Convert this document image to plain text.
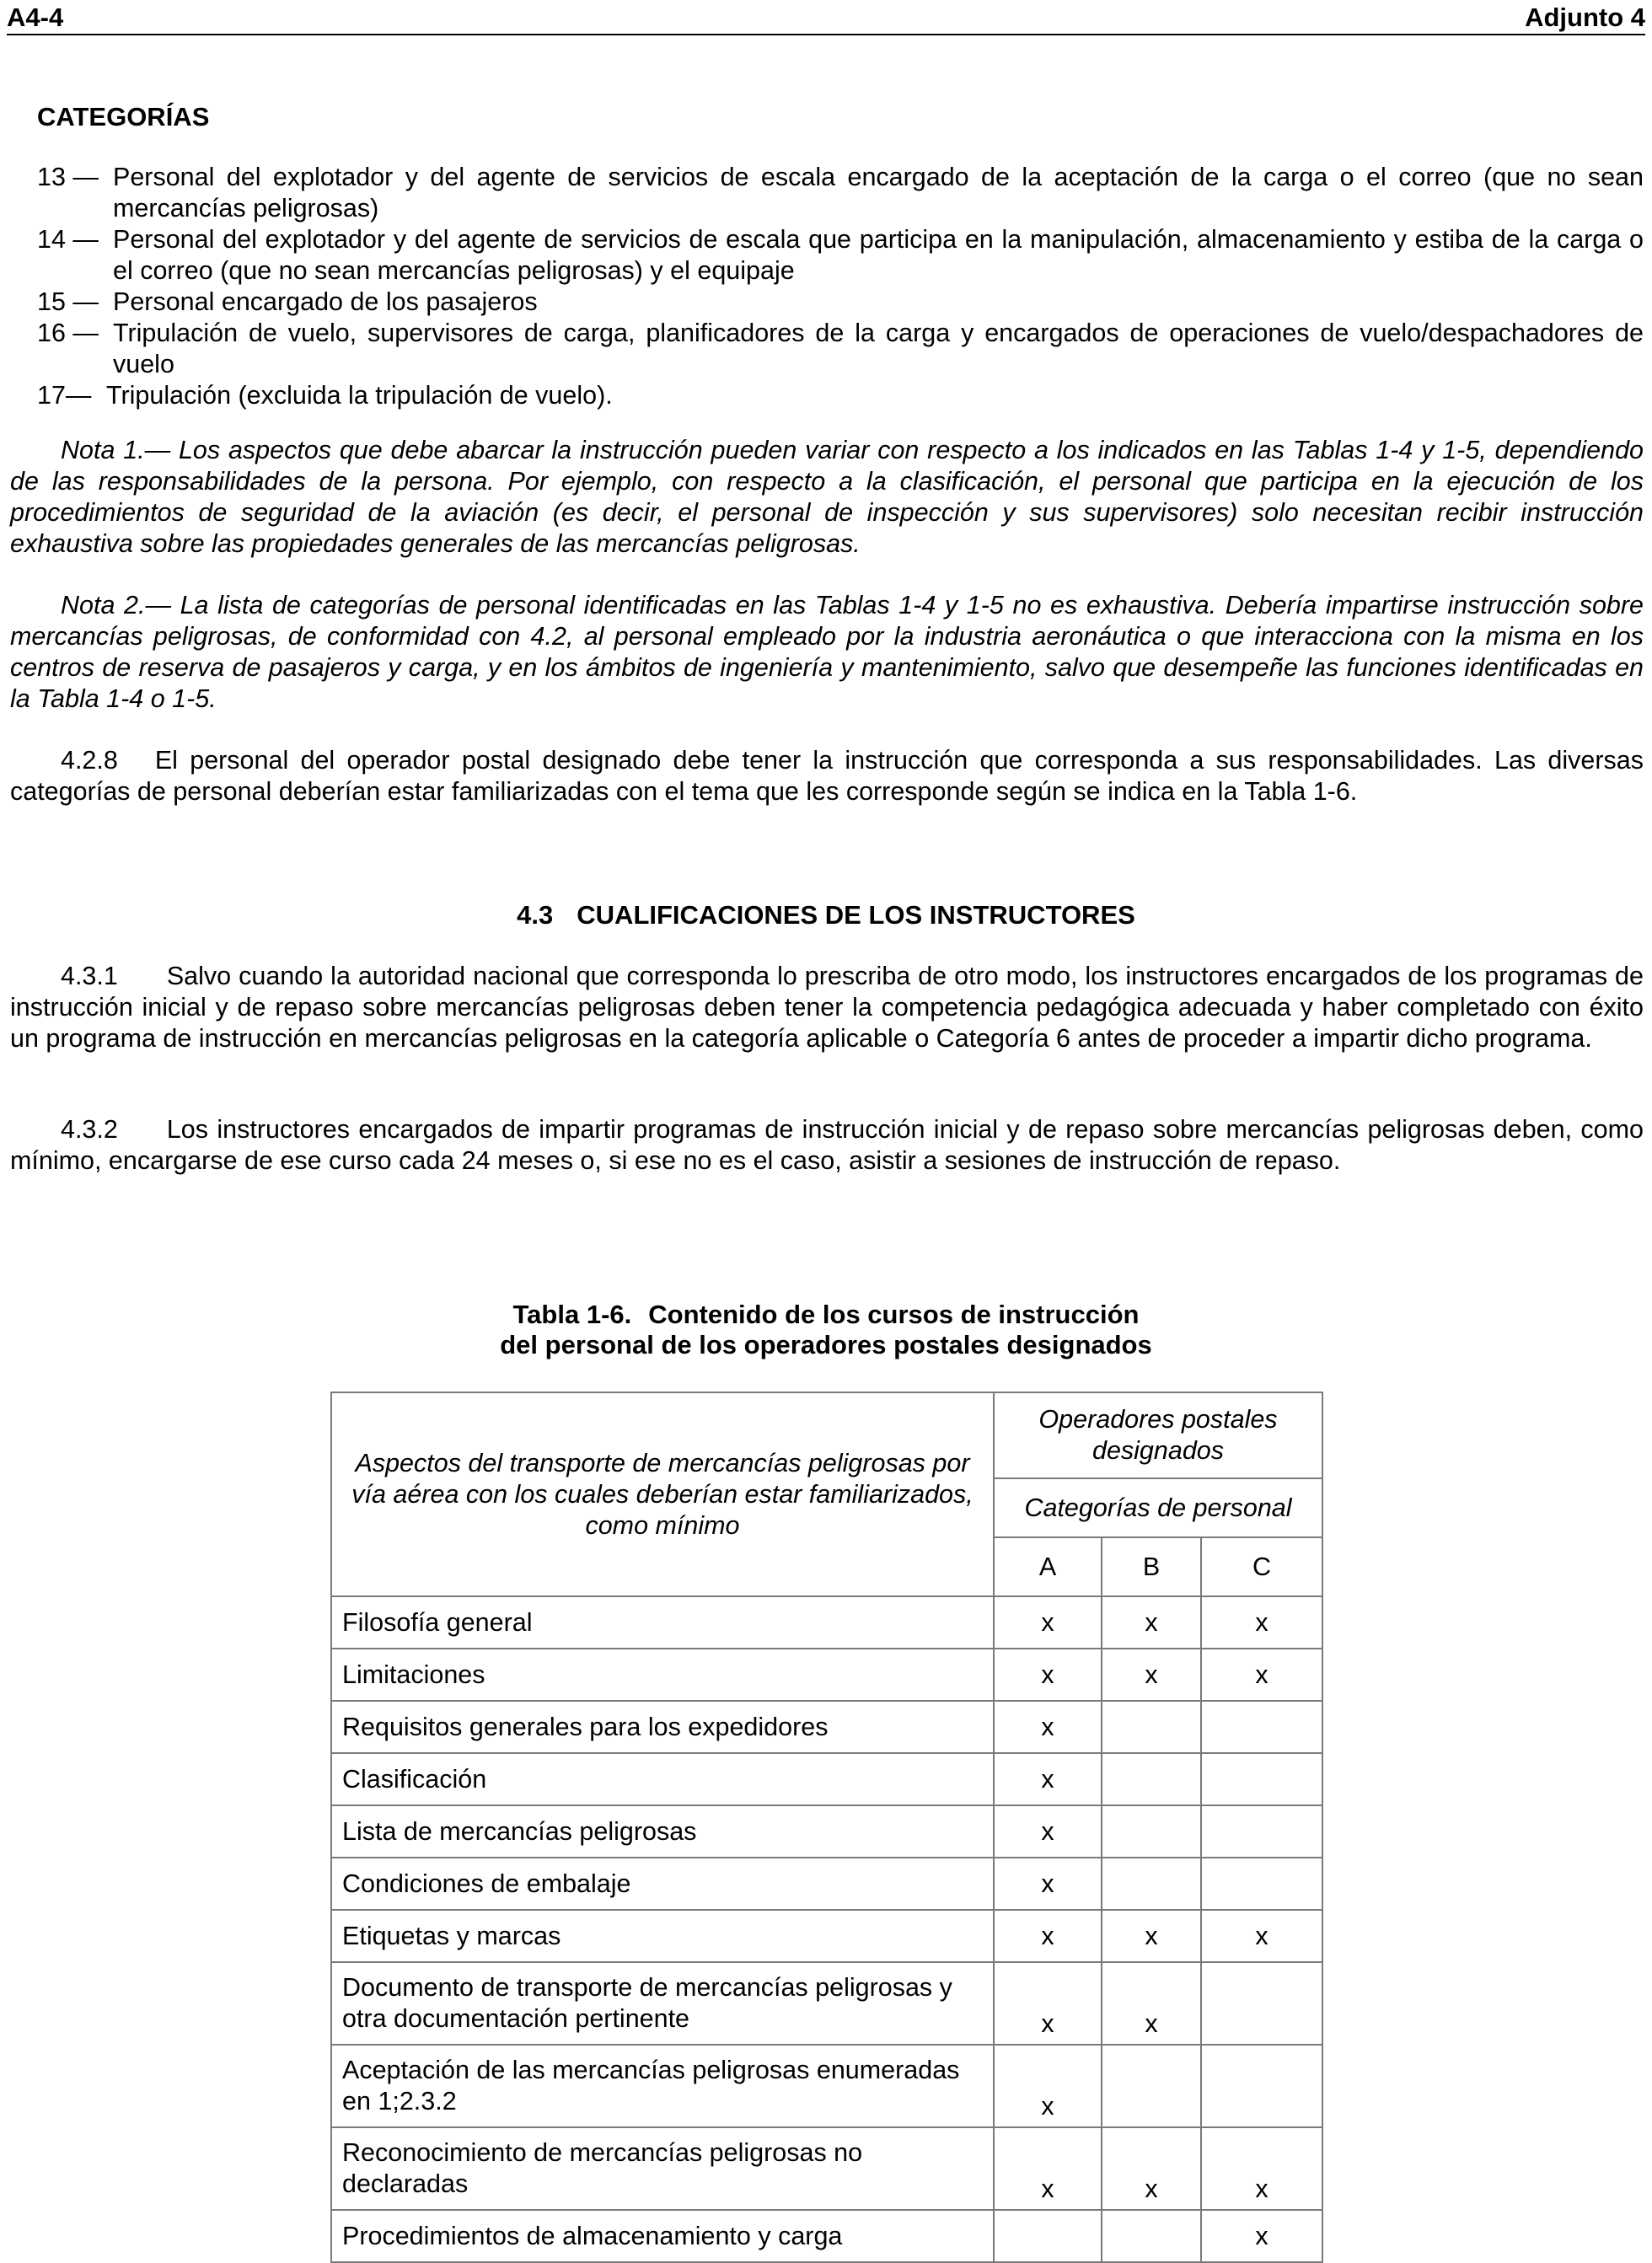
A4-4	Adjunto 4
CATEGORÍAS
13 — Personal del explotador y del agente de servicios de escala encargado de la aceptación de la carga o el correo (que no sean mercancías peligrosas)
14 — Personal del explotador y del agente de servicios de escala que participa en la manipulación, almacenamiento y estiba de la carga o el correo (que no sean mercancías peligrosas) y el equipaje
15 — Personal encargado de los pasajeros
16 — Tripulación de vuelo, supervisores de carga, planificadores de la carga y encargados de operaciones de vuelo/despachadores de vuelo
17— Tripulación (excluida la tripulación de vuelo).

Nota 1.— Los aspectos que debe abarcar la instrucción pueden variar con respecto a los indicados en las Tablas 1-4 y 1-5, dependiendo de las responsabilidades de la persona. Por ejemplo, con respecto a la clasificación, el personal que participa en la ejecución de los procedimientos de seguridad de la aviación (es decir, el personal de inspección y sus supervisores) solo necesitan recibir instrucción exhaustiva sobre las propiedades generales de las mercancías peligrosas.

Nota 2.— La lista de categorías de personal identificadas en las Tablas 1-4 y 1-5 no es exhaustiva. Debería impartirse instrucción sobre mercancías peligrosas, de conformidad con 4.2, al personal empleado por la industria aeronáutica o que interacciona con la misma en los centros de reserva de pasajeros y carga, y en los ámbitos de ingeniería y mantenimiento, salvo que desempeñe las funciones identificadas en la Tabla 1-4 o 1-5.

4.2.8 El personal del operador postal designado debe tener la instrucción que corresponda a sus responsabilidades. Las diversas categorías de personal deberían estar familiarizadas con el tema que les corresponde según se indica en la Tabla 1-6.

4.3 CUALIFICACIONES DE LOS INSTRUCTORES

4.3.1 Salvo cuando la autoridad nacional que corresponda lo prescriba de otro modo, los instructores encargados de los programas de instrucción inicial y de repaso sobre mercancías peligrosas deben tener la competencia pedagógica adecuada y haber completado con éxito un programa de instrucción en mercancías peligrosas en la categoría aplicable o Categoría 6 antes de proceder a impartir dicho programa.

4.3.2 Los instructores encargados de impartir programas de instrucción inicial y de repaso sobre mercancías peligrosas deben, como mínimo, encargarse de ese curso cada 24 meses o, si ese no es el caso, asistir a sesiones de instrucción de repaso.

Tabla 1-6. Contenido de los cursos de instrucción
del personal de los operadores postales designados
Aspectos del transporte de mercancías peligrosas por vía aérea con los cuales deberían estar familiarizados, como mínimo	Operadores postales designados		
	Categorías de personal		
	A	B	C
Filosofía general	x	x	x
Limitaciones	x	x	x
Requisitos generales para los expedidores	x		
Clasificación	x		
Lista de mercancías peligrosas	x		
Condiciones de embalaje	x		
Etiquetas y marcas	x	x	x
Documento de transporte de mercancías peligrosas y otra documentación pertinente	x	x	
Aceptación de las mercancías peligrosas enumeradas en 1;2.3.2	x		
Reconocimiento de mercancías peligrosas no declaradas	x	x	x
Procedimientos de almacenamiento y carga			x
